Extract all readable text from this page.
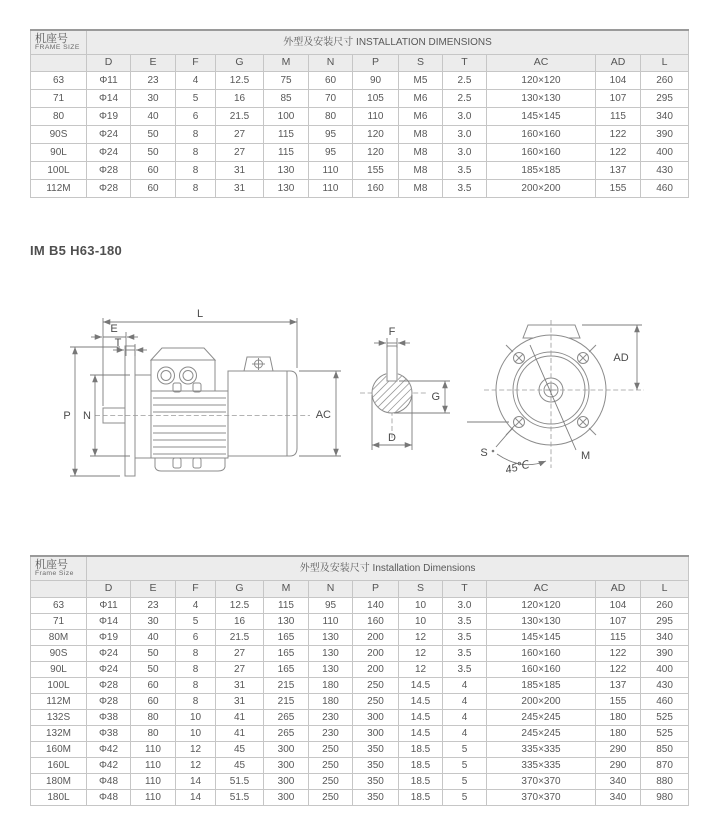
机座号
FRAME SIZE	外型及安装尺寸 INSTALLATION DIMENSIONS											
	D	E	F	G	M	N	P	S	T	AC	AD	L
63	Φ11	23	4	12.5	75	60	90	M5	2.5	120×120	104	260
71	Φ14	30	5	16	85	70	105	M6	2.5	130×130	107	295
80	Φ19	40	6	21.5	100	80	110	M6	3.0	145×145	115	340
90S	Φ24	50	8	27	115	95	120	M8	3.0	160×160	122	390
90L	Φ24	50	8	27	115	95	120	M8	3.0	160×160	122	400
100L	Φ28	60	8	31	130	110	155	M8	3.5	185×185	137	430
112M	Φ28	60	8	31	130	110	160	M8	3.5	200×200	155	460
IM B5 H63-180
L
E
T
P N	AC
F
G
D
M
S
45℃
AD
机座号
Frame Size	外型及安装尺寸 Installation Dimensions											
	D	E	F	G	M	N	P	S	T	AC	AD	L
63	Φ11	23	4	12.5	115	95	140	10	3.0	120×120	104	260
71	Φ14	30	5	16	130	110	160	10	3.5	130×130	107	295
80M	Φ19	40	6	21.5	165	130	200	12	3.5	145×145	115	340
90S	Φ24	50	8	27	165	130	200	12	3.5	160×160	122	390
90L	Φ24	50	8	27	165	130	200	12	3.5	160×160	122	400
100L	Φ28	60	8	31	215	180	250	14.5	4	185×185	137	430
112M	Φ28	60	8	31	215	180	250	14.5	4	200×200	155	460
132S	Φ38	80	10	41	265	230	300	14.5	4	245×245	180	525
132M	Φ38	80	10	41	265	230	300	14.5	4	245×245	180	525
160M	Φ42	110	12	45	300	250	350	18.5	5	335×335	290	850
160L	Φ42	110	12	45	300	250	350	18.5	5	335×335	290	870
180M	Φ48	110	14	51.5	300	250	350	18.5	5	370×370	340	880
180L	Φ48	110	14	51.5	300	250	350	18.5	5	370×370	340	980
